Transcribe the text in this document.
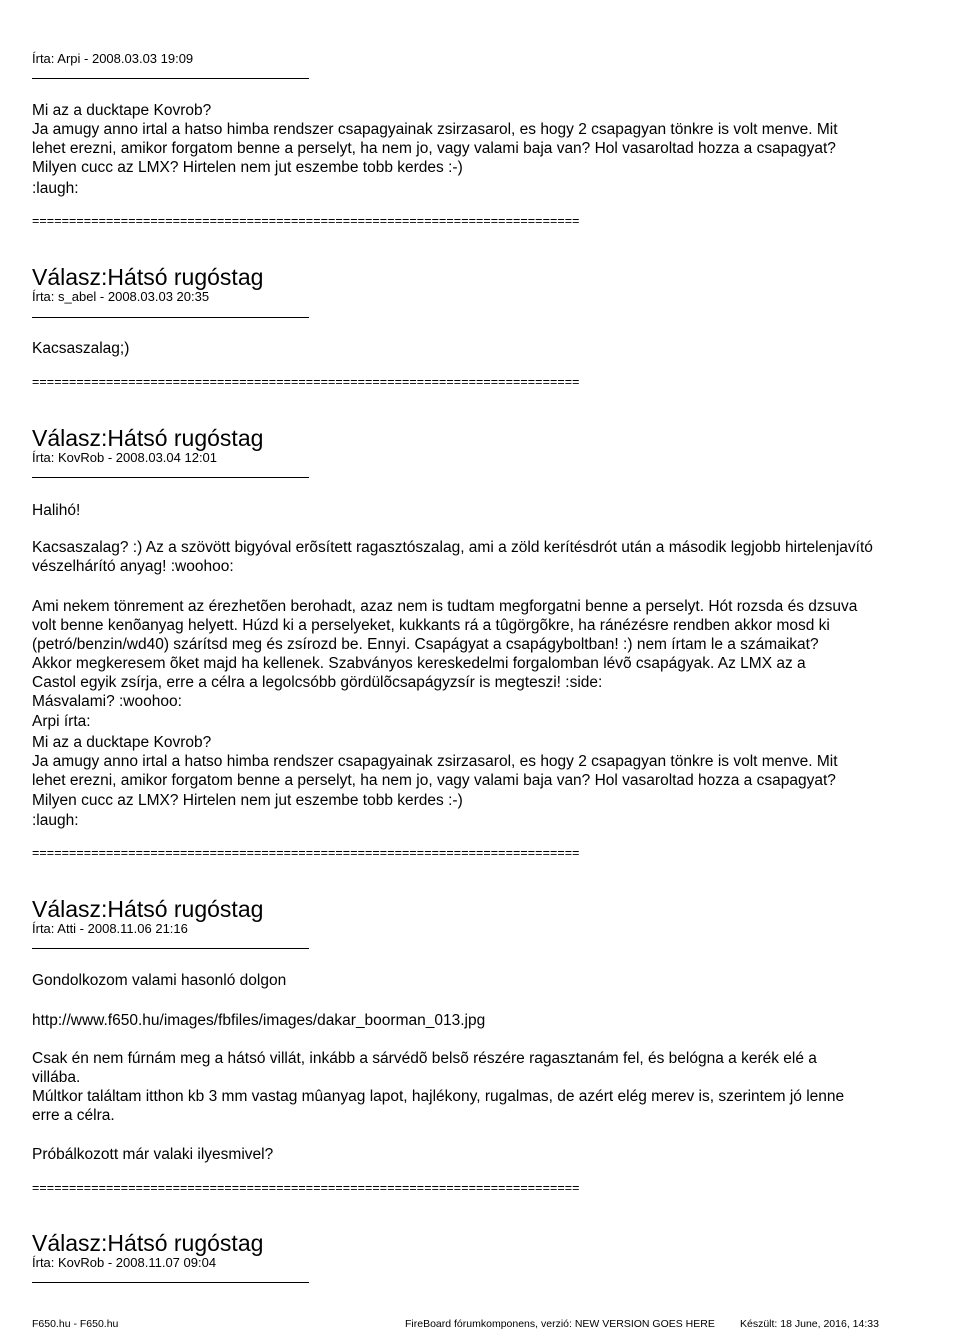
Írta: Arpi - 2008.03.03 19:09
Mi az a ducktape Kovrob?
Ja amugy anno irtal a hatso himba rendszer csapagyainak zsirzasarol, es hogy 2 csapagyan tönkre is volt menve. Mit
lehet erezni, amikor forgatom benne a perselyt, ha nem jo, vagy valami baja van? Hol vasaroltad hozza a csapagyat?
Milyen cucc az LMX? Hirtelen nem jut eszembe tobb kerdes :-)
:laugh:
==========================================================================
Válasz:Hátsó rugóstag
Írta: s_abel - 2008.03.03 20:35
Kacsaszalag;)
==========================================================================
Válasz:Hátsó rugóstag
Írta: KovRob - 2008.03.04 12:01
Halihó!
Kacsaszalag? :) Az a szövött bigyóval erõsített ragasztószalag, ami a zöld kerítésdrót után a második legjobb hirtelenjavító
vészelhárító anyag! :woohoo:
Ami nekem tönrement az érezhetõen berohadt, azaz nem is tudtam megforgatni benne a perselyt. Hót rozsda és dzsuva
volt benne kenõanyag helyett. Húzd ki a perselyeket, kukkants rá a tûgörgõkre, ha ránézésre rendben akkor mosd ki
(petró/benzin/wd40) szárítsd meg és zsírozd be. Ennyi. Csapágyat a csapágyboltban! :) nem írtam le a számaikat?
Akkor megkeresem õket majd ha kellenek. Szabványos kereskedelmi forgalomban lévõ csapágyak. Az LMX az a
Castol egyik zsírja, erre a célra a legolcsóbb gördülõcsapágyzsír is megteszi! :side:
Másvalami? :woohoo:
Arpi írta:
Mi az a ducktape Kovrob?
Ja amugy anno irtal a hatso himba rendszer csapagyainak zsirzasarol, es hogy 2 csapagyan tönkre is volt menve. Mit
lehet erezni, amikor forgatom benne a perselyt, ha nem jo, vagy valami baja van? Hol vasaroltad hozza a csapagyat?
Milyen cucc az LMX? Hirtelen nem jut eszembe tobb kerdes :-)
:laugh:
==========================================================================
Válasz:Hátsó rugóstag
Írta: Atti - 2008.11.06 21:16
Gondolkozom valami hasonló dolgon
http://www.f650.hu/images/fbfiles/images/dakar_boorman_013.jpg
Csak én nem fúrnám meg a hátsó villát, inkább a sárvédõ belsõ részére ragasztanám fel, és belógna a kerék elé a
villába.
Múltkor találtam itthon kb 3 mm vastag mûanyag lapot, hajlékony, rugalmas, de azért elég merev is, szerintem jó lenne
erre a célra.
Próbálkozott már valaki ilyesmivel?
==========================================================================
Válasz:Hátsó rugóstag
Írta: KovRob - 2008.11.07 09:04
F650.hu - F650.hu	FireBoard fórumkomponens, verzió: NEW VERSION GOES HERE Készült: 18 June, 2016, 14:33
